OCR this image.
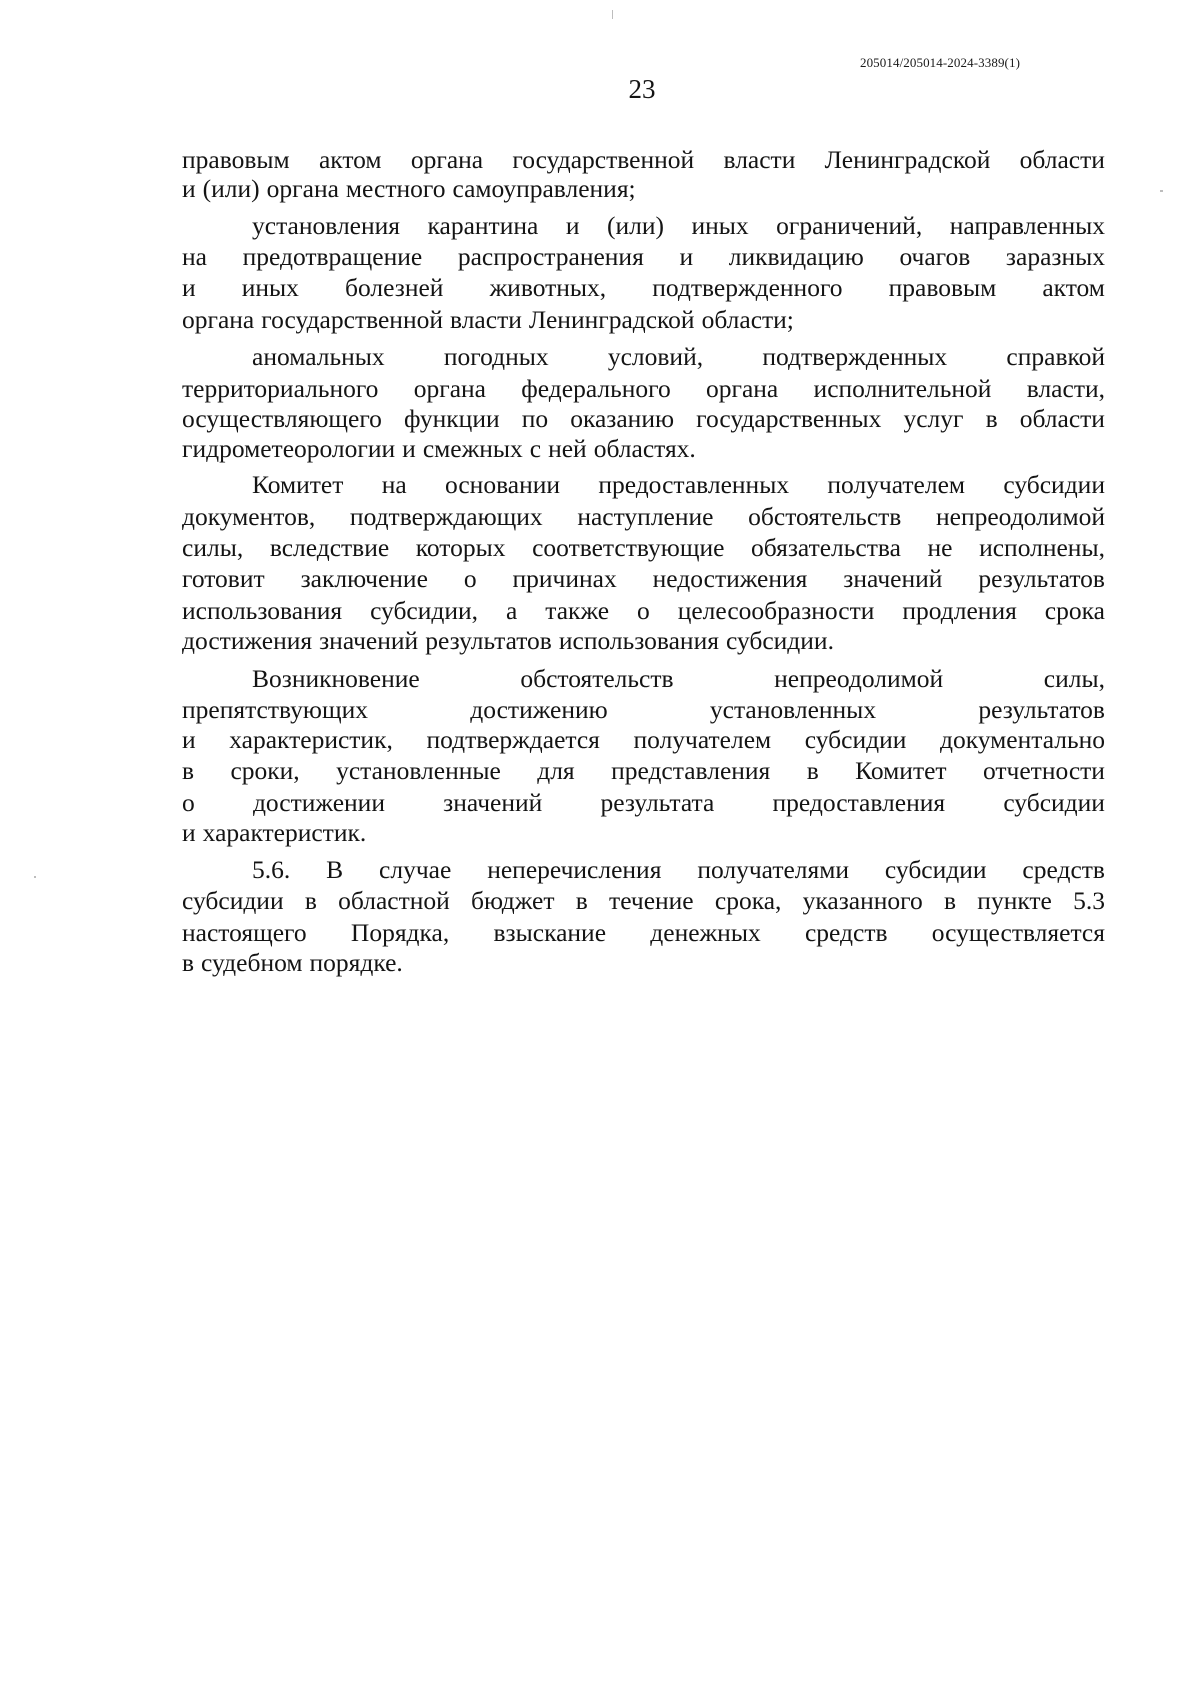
205014/205014-2024-3389(1)
23
правовым актом органа государственной власти Ленинградской области
и (или) органа местного самоуправления;
установления карантина и (или) иных ограничений, направленных
на предотвращение распространения и ликвидацию очагов заразных
и иных болезней животных, подтвержденного правовым актом
органа государственной власти Ленинградской области;
аномальных погодных условий, подтвержденных справкой
территориального органа федерального органа исполнительной власти,
осуществляющего функции по оказанию государственных услуг в области
гидрометеорологии и смежных с ней областях.
Комитет на основании предоставленных получателем субсидии
документов, подтверждающих наступление обстоятельств непреодолимой
силы, вследствие которых соответствующие обязательства не исполнены,
готовит заключение о причинах недостижения значений результатов
использования субсидии, а также о целесообразности продления срока
достижения значений результатов использования субсидии.
Возникновение	обстоятельств	непреодолимой	силы,
препятствующих	достижению	установленных	результатов
и характеристик, подтверждается получателем субсидии документально
в сроки, установленные для представления в Комитет отчетности
о достижении значений результата предоставления субсидии
и характеристик.
5.6. В случае неперечисления получателями субсидии средств
субсидии в областной бюджет в течение срока, указанного в пункте 5.3
настоящего Порядка, взыскание денежных средств осуществляется
в судебном порядке.
